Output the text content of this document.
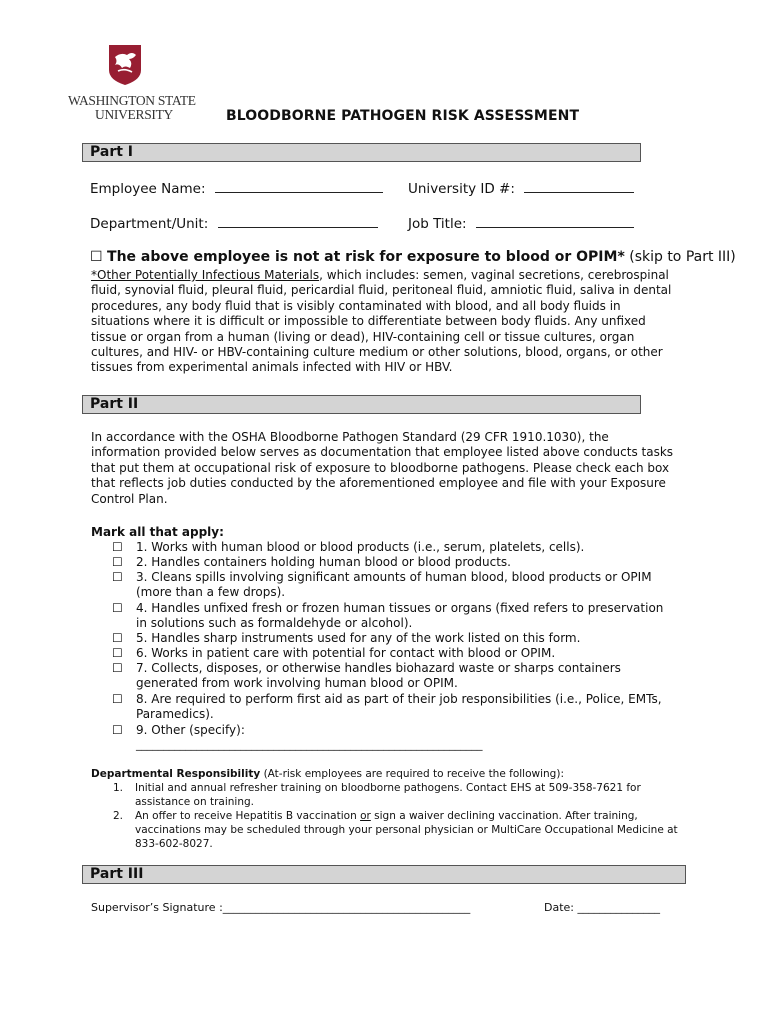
WASHINGTON STATE
UNIVERSITY	BLOODBORNE PATHOGEN RISK ASSESSMENT
Part I
Employee Name:	University ID #:
Department/Unit:	Job Title:
☐ The above employee is not at risk for exposure to blood or OPIM* (skip to Part III)
*Other Potentially Infectious Materials, which includes: semen, vaginal secretions, cerebrospinal fluid, synovial fluid, pleural fluid, pericardial fluid, peritoneal fluid, amniotic fluid, saliva in dental procedures, any body fluid that is visibly contaminated with blood, and all body fluids in situations where it is difficult or impossible to differentiate between body fluids. Any unfixed tissue or organ from a human (living or dead), HIV-containing cell or tissue cultures, organ cultures, and HIV- or HBV-containing culture medium or other solutions, blood, organs, or other tissues from experimental animals infected with HIV or HBV.
Part II
In accordance with the OSHA Bloodborne Pathogen Standard (29 CFR 1910.1030), the information provided below serves as documentation that employee listed above conducts tasks that put them at occupational risk of exposure to bloodborne pathogens. Please check each box that reflects job duties conducted by the aforementioned employee and file with your Exposure Control Plan.
Mark all that apply:
☐ 1. Works with human blood or blood products (i.e., serum, platelets, cells).
☐ 2. Handles containers holding human blood or blood products.
☐ 3. Cleans spills involving significant amounts of human blood, blood products or OPIM (more than a few drops).
☐ 4. Handles unfixed fresh or frozen human tissues or organs (fixed refers to preservation in solutions such as formaldehyde or alcohol).
☐ 5. Handles sharp instruments used for any of the work listed on this form.
☐ 6. Works in patient care with potential for contact with blood or OPIM.
☐ 7. Collects, disposes, or otherwise handles biohazard waste or sharps containers generated from work involving human blood or OPIM.
☐ 8. Are required to perform first aid as part of their job responsibilities (i.e., Police, EMTs, Paramedics).
☐ 9. Other (specify):
_______________________________________________________________
Departmental Responsibility (At-risk employees are required to receive the following):
1. Initial and annual refresher training on bloodborne pathogens. Contact EHS at 509-358-7621 for assistance on training.
2. An offer to receive Hepatitis B vaccination or sign a waiver declining vaccination. After training, vaccinations may be scheduled through your personal physician or MultiCare Occupational Medicine at 833-602-8027.
Part III
Supervisor’s Signature :_____________________________________________	Date: _______________
